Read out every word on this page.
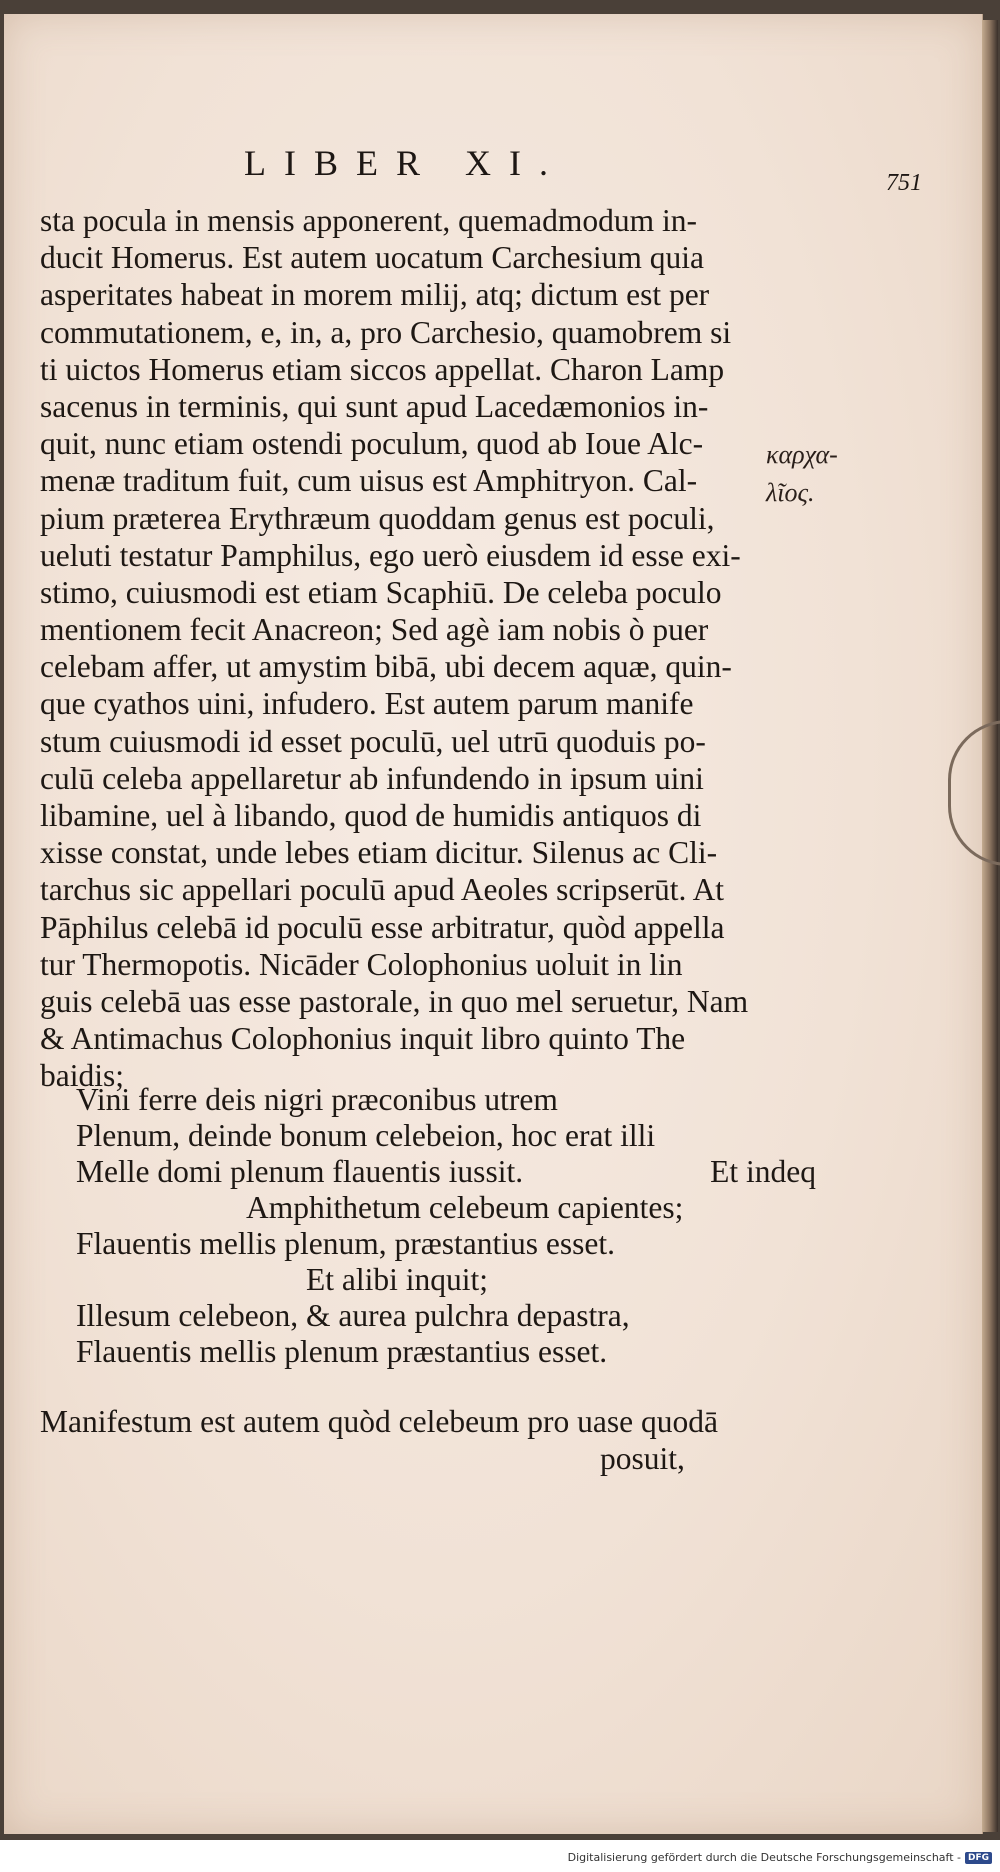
LIBER XI.	751
sta pocula in mensis apponerent, quemadmodum in-
ducit Homerus. Est autem uocatum Carchesium quia
asperitates habeat in morem milij, atq; dictum est per
commutationem, e, in, a, pro Carchesio, quamobrem si
ti uictos Homerus etiam siccos appellat. Charon Lamp
sacenus in terminis, qui sunt apud Lacedæmonios in-
quit, nunc etiam ostendi poculum, quod ab Ioue Alc-
menæ traditum fuit, cum uisus est Amphitryon. Cal-
pium præterea Erythræum quoddam genus est poculi,
ueluti testatur Pamphilus, ego uerò eiusdem id esse exi-
stimo, cuiusmodi est etiam Scaphiū. De celeba poculo
mentionem fecit Anacreon; Sed agè iam nobis ò puer
celebam affer, ut amystim bibā, ubi decem aquæ, quin-
que cyathos uini, infudero. Est autem parum manife
stum cuiusmodi id esset poculū, uel utrū quoduis po-
culū celeba appellaretur ab infundendo in ipsum uini
libamine, uel à libando, quod de humidis antiquos di
xisse constat, unde lebes etiam dicitur. Silenus ac Cli-
tarchus sic appellari poculū apud Aeoles scripserūt. At
Pāphilus celebā id poculū esse arbitratur, quòd appella
tur Thermopotis. Nicāder Colophonius uoluit in lin
guis celebā uas esse pastorale, in quo mel seruetur, Nam
& Antimachus Colophonius inquit libro quinto The
baidis;
Vini ferre deis nigri præconibus utrem
Plenum, deinde bonum celebeion, hoc erat illi
Melle domi plenum flauentis iussit.	Et indeq
Amphithetum celebeum capientes;
Flauentis mellis plenum, præstantius esset.
Et alibi inquit;
Illesum celebeon, & aurea pulchra depastra,
Flauentis mellis plenum præstantius esset.
Manifestum est autem quòd celebeum pro uase quodā
posuit,
καρχα-
λῖος.
Digitalisierung gefördert durch die Deutsche Forschungsgemeinschaft - DFG
